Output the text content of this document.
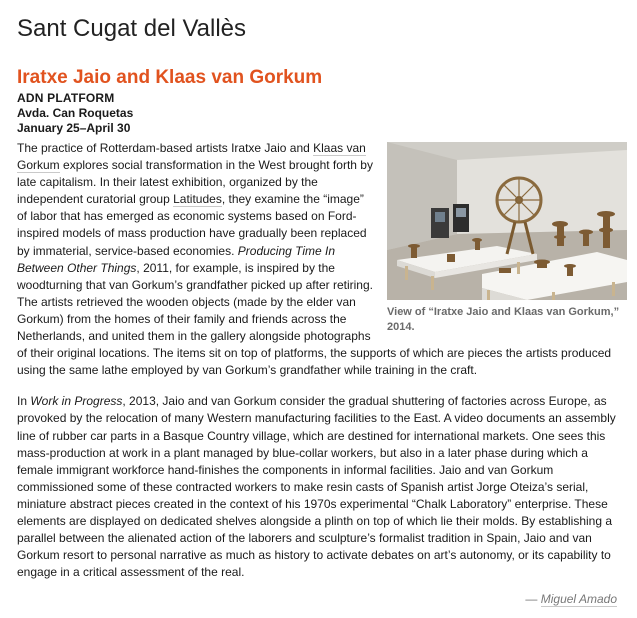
Sant Cugat del Vallès
Iratxe Jaio and Klaas van Gorkum
ADN PLATFORM
Avda. Can Roquetas
January 25–April 30
View of “Iratxe Jaio and Klaas van Gorkum,” 2014.

The practice of Rotterdam-based artists Iratxe Jaio and Klaas van Gorkum explores social transformation in the West brought forth by late capitalism. In their latest exhibition, organized by the independent curatorial group Latitudes, they examine the “image” of labor that has emerged as economic systems based on Ford-inspired models of mass production have gradually been replaced by immaterial, service-based economies. Producing Time In Between Other Things, 2011, for example, is inspired by the woodturning that van Gorkum’s grandfather picked up after retiring. The artists retrieved the wooden objects (made by the elder van Gorkum) from the homes of their family and friends across the Netherlands, and united them in the gallery alongside photographs of their original locations. The items sit on top of platforms, the supports of which are pieces the artists produced using the same lathe employed by van Gorkum’s grandfather while training in the craft.

In Work in Progress, 2013, Jaio and van Gorkum consider the gradual shuttering of factories across Europe, as provoked by the relocation of many Western manufacturing facilities to the East. A video documents an assembly line of rubber car parts in a Basque Country village, which are destined for international markets. One sees this mass-production at work in a plant managed by blue-collar workers, but also in a later phase during which a female immigrant workforce hand-finishes the components in informal facilities. Jaio and van Gorkum commissioned some of these contracted workers to make resin casts of Spanish artist Jorge Oteiza’s serial, miniature abstract pieces created in the context of his 1970s experimental “Chalk Laboratory” enterprise. These elements are displayed on dedicated shelves alongside a plinth on top of which lie their molds. By establishing a parallel between the alienated action of the laborers and sculpture’s formalist tradition in Spain, Jaio and van Gorkum resort to personal narrative as much as history to activate debates on art’s autonomy, or its capability to engage in a critical assessment of the real.

— Miguel Amado
